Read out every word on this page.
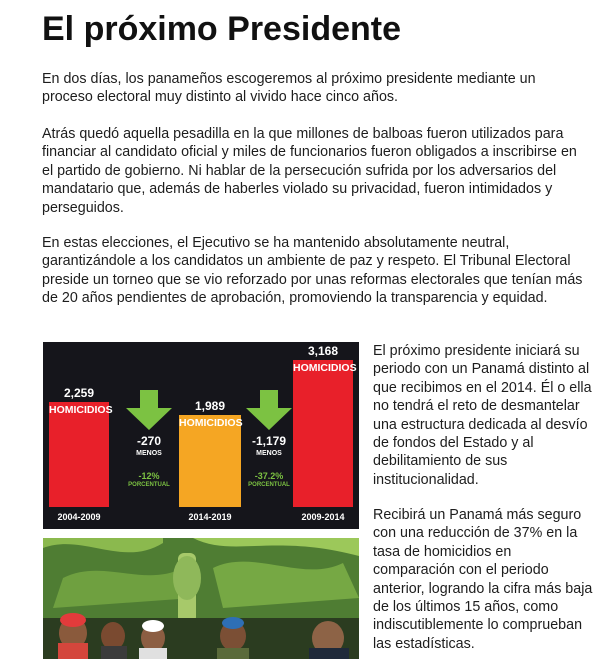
El próximo Presidente

En dos días, los panameños escogeremos al próximo presidente mediante un proceso electoral muy distinto al vivido hace cinco años.

Atrás quedó aquella pesadilla en la que millones de balboas fueron utilizados para financiar al candidato oficial y miles de funcionarios fueron obligados a inscribirse en el partido de gobierno. Ni hablar de la persecución sufrida por los adversarios del mandatario que, además de haberles violado su privacidad, fueron intimidados y perseguidos.

En estas elecciones, el Ejecutivo se ha mantenido absolutamente neutral, garantizándole a los candidatos un ambiente de paz y respeto. El Tribunal Electoral preside un torneo que se vio reforzado por unas reformas electorales que tenían más de 20 años pendientes de aprobación, promoviendo la transparencia y equidad.

El próximo presidente iniciará su periodo con un Panamá distinto al que recibimos en el 2014. Él o ella no tendrá el reto de desmantelar una estructura dedicada al desvío de fondos del Estado y al debilitamiento de sus institucionalidad.

Recibirá un Panamá más seguro con una reducción de 37% en la tasa de homicidios en comparación con el periodo anterior, logrando la cifra más baja de los últimos 15 años, como indiscutiblemente lo comprueban las estadísticas.

HOMICIDIOS
2,259
2004-2009
HOMICIDIOS
1,989
2014-2019
HOMICIDIOS
3,168
2009-2014
-270
MENOS
-12%
PORCENTUAL
-1,179
MENOS
-37.2%
PORCENTUAL
